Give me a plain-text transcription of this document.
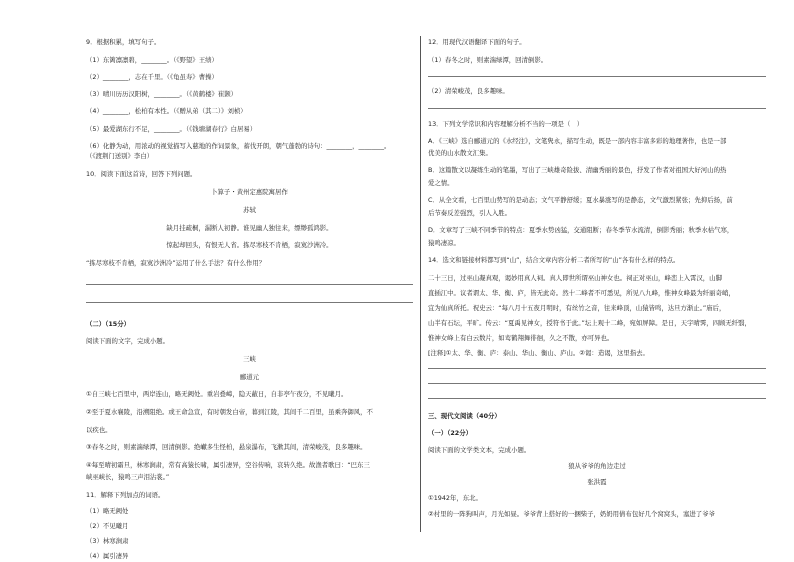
9．根据积累，填写句子。
（1）东篱凛凛碧，________。（《野望》王绩）
（2）________，志在千里。（《龟虽寿》曹操）
（3）晴川历历汉阳树，________。（《黄鹤楼》崔颢）
（4）________，松柏有本性。（《赠从弟（其二）》刘桢）
（5）最爱湖东行不足，________。（《钱塘湖春行》白居易）
（6）化静为动，用浓动的视觉描写入慈地的作词景象，蓄伐开朗，朝气蓬勃的诗句：________，________。
（《渡荆门送别》李白）
10．阅读下面这首诗，回答下列问题。
卜算子・黄州定惠院寓居作
苏轼
缺月挂疏桐，漏断人初静。谁见幽人独往来，缥缈孤鸿影。
惊起却回头，有恨无人省。拣尽寒枝不肯栖，寂寞沙洲冷。
“拣尽寒枝不肯栖，寂寞沙洲冷”运用了什么手法？有什么作用？
（二）（15分）
阅读下面的文字，完成小题。
三峡
郦道元
①自三峡七百里中，两岸连山，略无阙处。重岩叠嶂，隐天蔽日，自非亭午夜分，不见曦月。
②至于夏水襄陵，沿溯阻绝。或王命急宣，有时朝发白帝，暮到江陵，其间千二百里，虽乘奔御风，不
以疾也。
③春冬之时，则素湍绿潭，回清倒影。绝𪩘多生怪柏，悬泉瀑布，飞漱其间，清荣峻茂，良多趣味。
④每至晴初霜旦，林寒涧肃，常有高猿长啸，属引凄异，空谷传响，哀转久绝。故渔者歌曰：“巴东三
峡巫峡长，猿鸣三声泪沾裳。”
11．解释下列加点的词语。
（1）略无阙处
（2）不见曦月
（3）林寒涧肃
（4）属引凄异
12．用现代汉语翻译下面的句子。
（1）春冬之时，则素湍绿潭，回清倒影。
（2）清荣峻茂，良多趣味。
13．下列文学常识和内容理解分析不当的一项是（　）
A．《三峡》选自郦道元的《水经注》，文笔隽永，描写生动，既是一部内容丰富多彩的地理著作，也是一部
优美的山水散文汇集。
B．这篇散文以凝练生动的笔墨，写出了三峡雄奇险拔、清幽秀丽的景色，抒发了作者对祖国大好河山的热
爱之情。
C．从全文看，七百里山势写的是动态；文气平静舒缓；夏水暴涨写的是静态，文气激烈紧张；先抑后扬，前
后节奏反差强烈，引人入胜。
D．文章写了三峡不同季节的特点：夏季水势凶猛，交通阻断；春冬季节水流清，倒影秀丽；秋季水枯气寒，
猿鸣凄凉。
14．选文和链接材料都写到“山”，结合文章内容分析二者所写的“山”各有什么样的特点。
二十三日，过巫山凝真观，谒妙用真人祠。真人即世所谓巫山神女也。祠正对巫山，峰峦上入霄汉，山脚
直插江中。议者谓太、华、衡、庐，皆无此奇。然十二峰者不可悉见，所见八九峰，惟神女峰最为纤丽奇峭，
宜为仙真所托。祝史云：“每八月十五夜月明时，有丝竹之音，往来峰顶，山猿皆鸣，达旦方渐止。”庙后，
山半有石坛，平旷。传云：“夏禹见神女，授符书于此。”坛上观十二峰，宛如屏障。是日，天宇晴霁，四顾无纤翳，
惟神女峰上有白云数片，如鸾鹤翔舞徘徊，久之不散，亦可异也。
[注释]①太、华、衡、庐：泰山、华山、衡山、庐山。②谒：造谒，这里指去。
三、现代文阅读（40分）
（一）（22分）
阅读下面的文学类文本，完成小题。
狼从爷爷的角边走过
张洪霞
①1942年，东北。
②村里的一阵狗叫声，月光如昼。爷爷背上搭好的一捆柴子，奶奶用倩布包好几个窝窝头，塞进了爷爷
